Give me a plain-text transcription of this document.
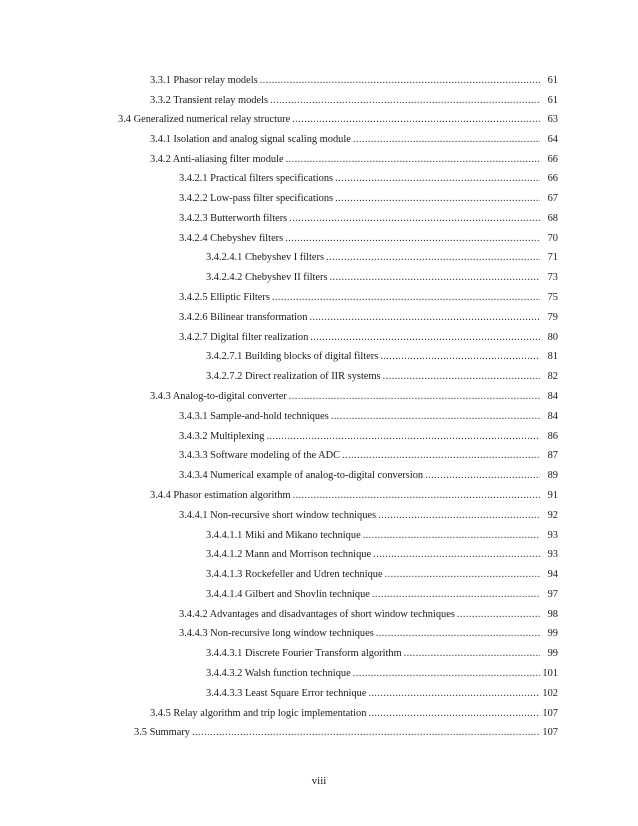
3.3.1 Phasor relay models .....	61
3.3.2 Transient relay models .....	61
3.4 Generalized numerical relay structure .....	63
3.4.1 Isolation and analog signal scaling module .....	64
3.4.2 Anti-aliasing filter module .....	66
3.4.2.1 Practical filters specifications .....	66
3.4.2.2 Low-pass filter specifications .....	67
3.4.2.3 Butterworth filters .....	68
3.4.2.4 Chebyshev filters .....	70
3.4.2.4.1 Chebyshev I filters .....	71
3.4.2.4.2 Chebyshev II filters .....	73
3.4.2.5 Elliptic Filters .....	75
3.4.2.6 Bilinear transformation .....	79
3.4.2.7 Digital filter realization .....	80
3.4.2.7.1 Building blocks of digital filters .....	81
3.4.2.7.2 Direct realization of IIR systems .....	82
3.4.3 Analog-to-digital converter .....	84
3.4.3.1 Sample-and-hold techniques .....	84
3.4.3.2 Multiplexing .....	86
3.4.3.3 Software modeling of the ADC .....	87
3.4.3.4 Numerical example of analog-to-digital conversion .....	89
3.4.4 Phasor estimation algorithm .....	91
3.4.4.1 Non-recursive short window techniques .....	92
3.4.4.1.1 Miki and Mikano technique .....	93
3.4.4.1.2 Mann and Morrison technique .....	93
3.4.4.1.3 Rockefeller and Udren technique .....	94
3.4.4.1.4 Gilbert and Shovlin technique .....	97
3.4.4.2 Advantages and disadvantages of short window techniques .....	98
3.4.4.3 Non-recursive long window techniques .....	99
3.4.4.3.1 Discrete Fourier Transform algorithm .....	99
3.4.4.3.2 Walsh function technique .....	101
3.4.4.3.3 Least Square Error technique .....	102
3.4.5 Relay algorithm and trip logic implementation .....	107
3.5 Summary .....	107
viii
